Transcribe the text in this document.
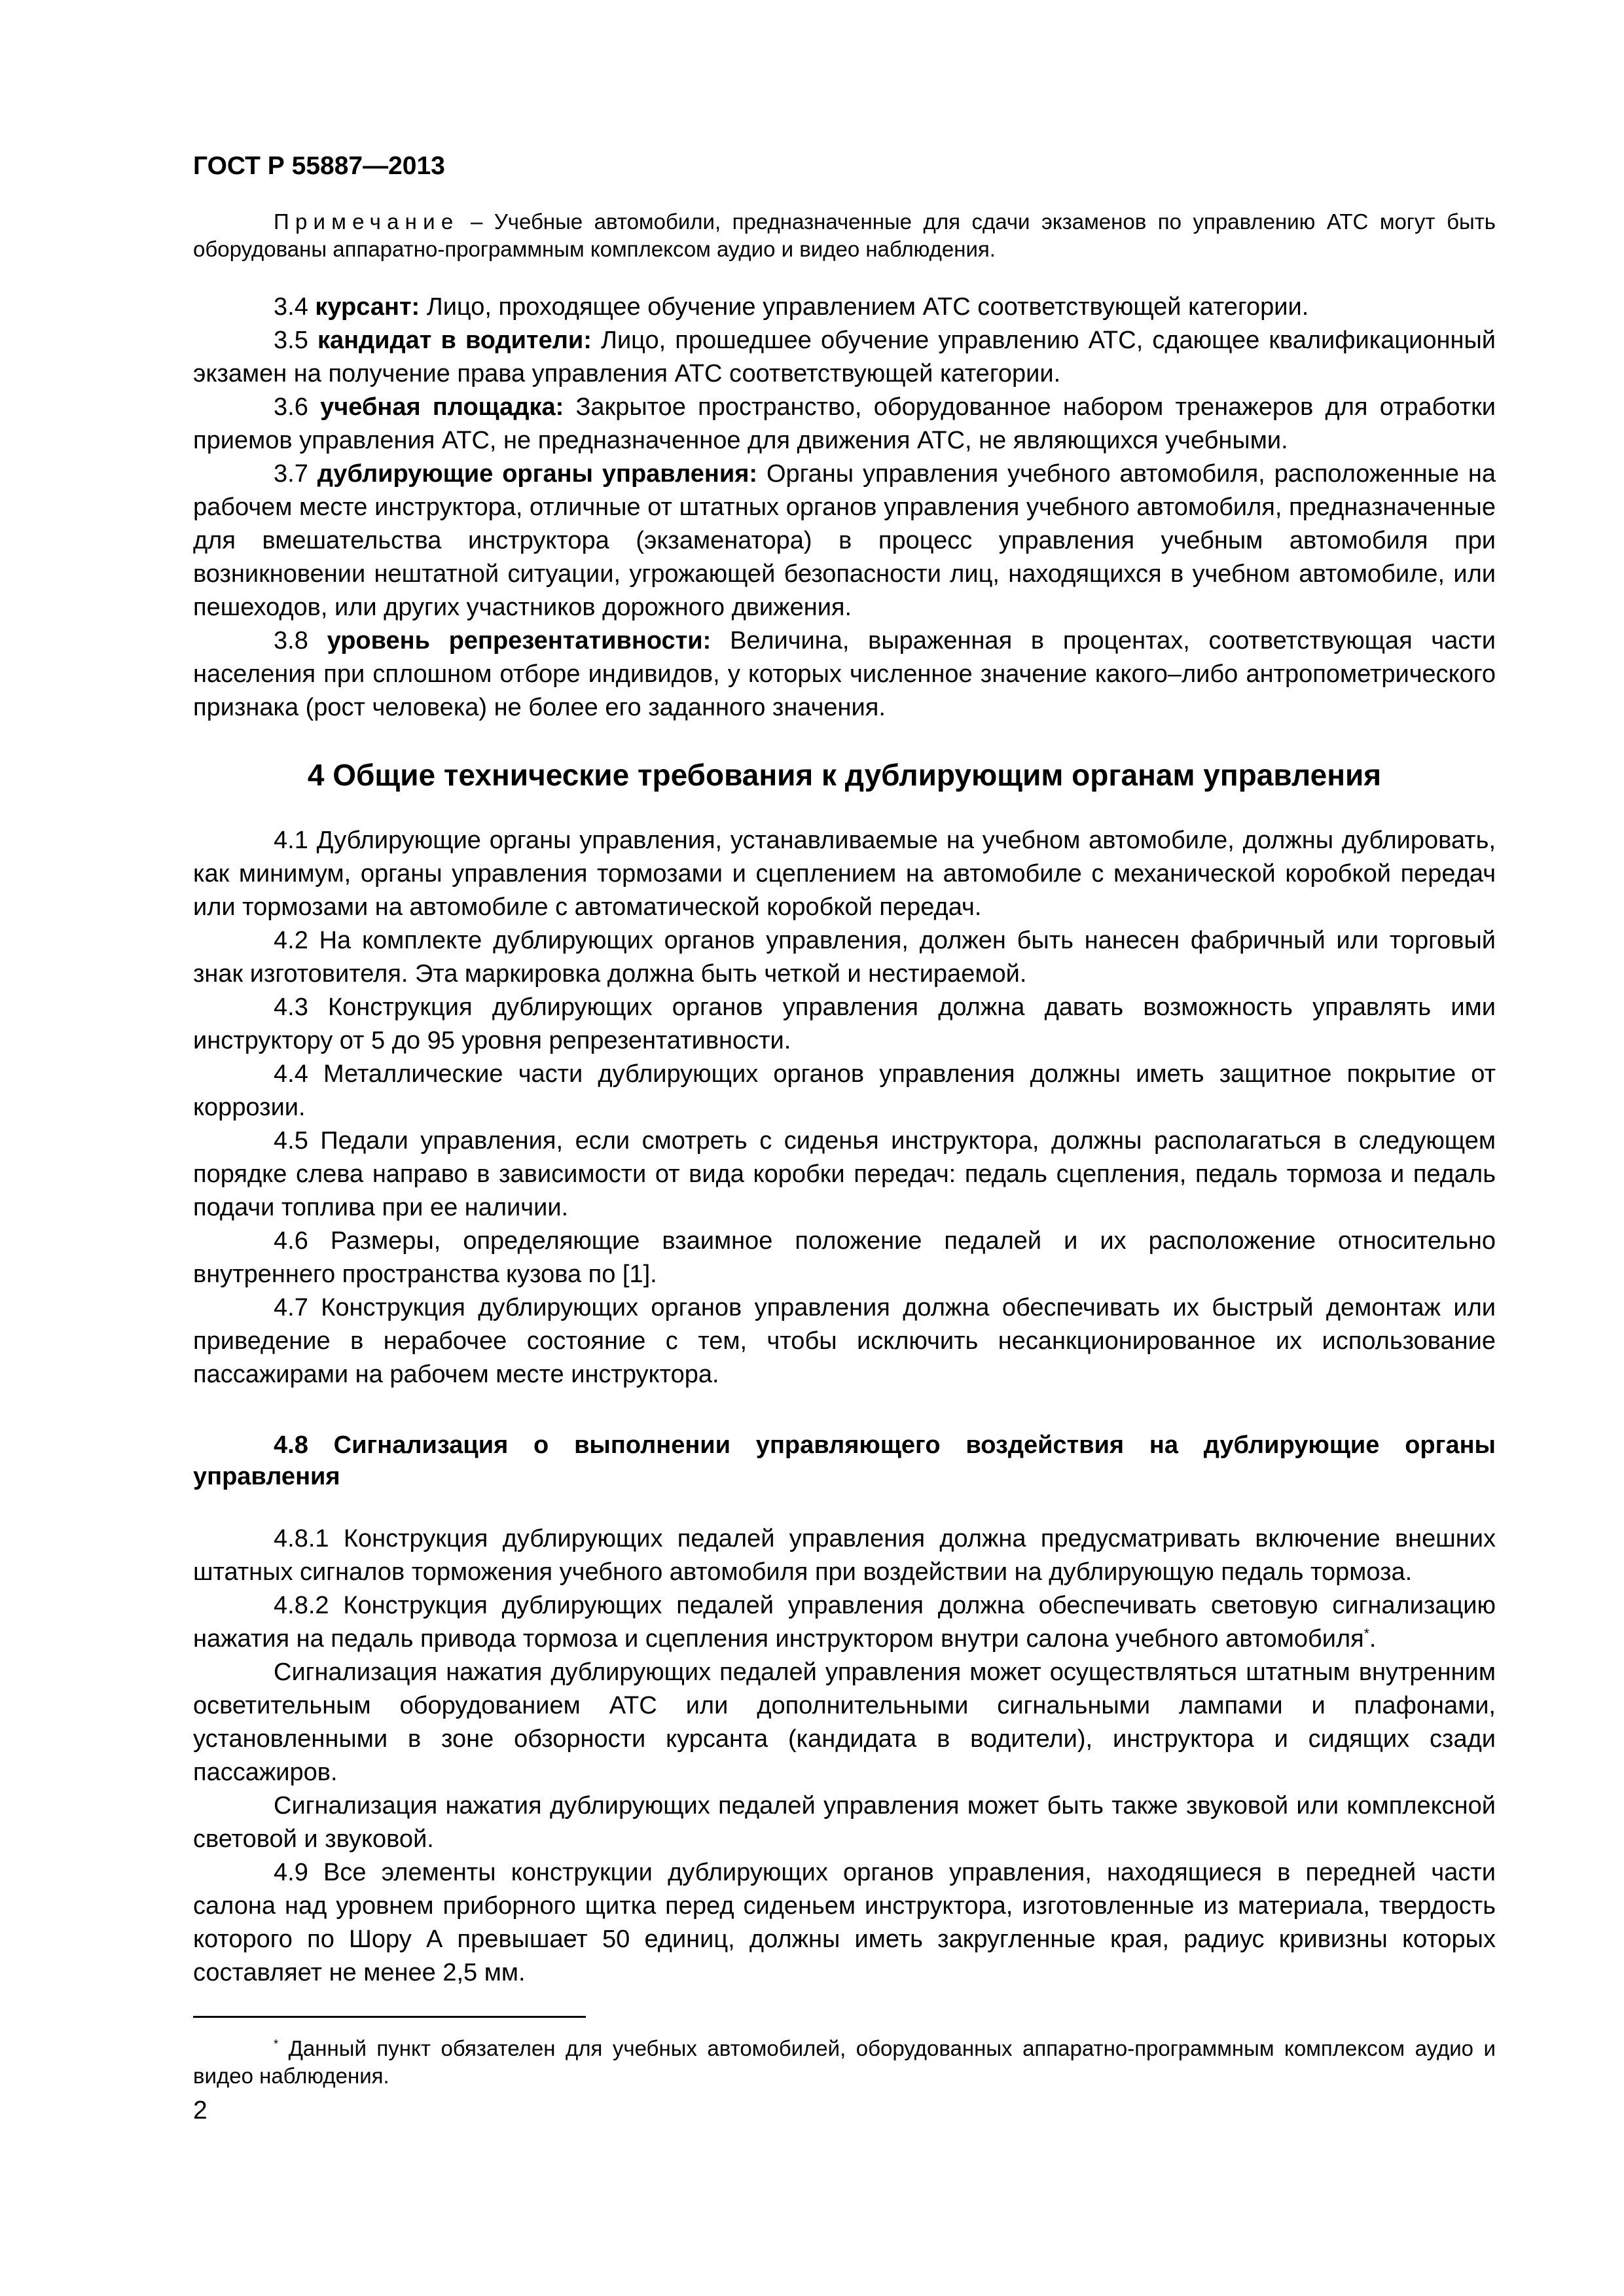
ГОСТ Р 55887—2013

Примечание – Учебные автомобили, предназначенные для сдачи экзаменов по управлению АТС могут быть оборудованы аппаратно-программным комплексом аудио и видео наблюдения.

3.4 курсант: Лицо, проходящее обучение управлением АТС соответствующей категории.

3.5 кандидат в водители: Лицо, прошедшее обучение управлению АТС, сдающее квалификационный экзамен на получение права управления АТС соответствующей категории.

3.6 учебная площадка: Закрытое пространство, оборудованное набором тренажеров для отработки приемов управления АТС, не предназначенное для движения АТС, не являющихся учебными.

3.7 дублирующие органы управления: Органы управления учебного автомобиля, расположенные на рабочем месте инструктора, отличные от штатных органов управления учебного автомобиля, предназначенные для вмешательства инструктора (экзаменатора) в процесс управления учебным автомобиля при возникновении нештатной ситуации, угрожающей безопасности лиц, находящихся в учебном автомобиле, или пешеходов, или других участников дорожного движения.

3.8 уровень репрезентативности: Величина, выраженная в процентах, соответствующая части населения при сплошном отборе индивидов, у которых численное значение какого–либо антропометрического признака (рост человека) не более его заданного значения.

4 Общие технические требования к дублирующим органам управления

4.1 Дублирующие органы управления, устанавливаемые на учебном автомобиле, должны дублировать, как минимум, органы управления тормозами и сцеплением на автомобиле с механической коробкой передач или тормозами на автомобиле с автоматической коробкой передач.

4.2 На комплекте дублирующих органов управления, должен быть нанесен фабричный или торговый знак изготовителя. Эта маркировка должна быть четкой и нестираемой.

4.3 Конструкция дублирующих органов управления должна давать возможность управлять ими инструктору от 5 до 95 уровня репрезентативности.

4.4 Металлические части дублирующих органов управления должны иметь защитное покрытие от коррозии.

4.5 Педали управления, если смотреть с сиденья инструктора, должны располагаться в следующем порядке слева направо в зависимости от вида коробки передач: педаль сцепления, педаль тормоза и педаль подачи топлива при ее наличии.

4.6 Размеры, определяющие взаимное положение педалей и их расположение относительно внутреннего пространства кузова по [1].

4.7 Конструкция дублирующих органов управления должна обеспечивать их быстрый демонтаж или приведение в нерабочее состояние с тем, чтобы исключить несанкционированное их использование пассажирами на рабочем месте инструктора.

4.8 Сигнализация о выполнении управляющего воздействия на дублирующие органы управления

4.8.1 Конструкция дублирующих педалей управления должна предусматривать включение внешних штатных сигналов торможения учебного автомобиля при воздействии на дублирующую педаль тормоза.

4.8.2 Конструкция дублирующих педалей управления должна обеспечивать световую сигнализацию нажатия на педаль привода тормоза и сцепления инструктором внутри салона учебного автомобиля*.

Сигнализация нажатия дублирующих педалей управления может осуществляться штатным внутренним осветительным оборудованием АТС или дополнительными сигнальными лампами и плафонами, установленными в зоне обзорности курсанта (кандидата в водители), инструктора и сидящих сзади пассажиров.

Сигнализация нажатия дублирующих педалей управления может быть также звуковой или комплексной световой и звуковой.

4.9 Все элементы конструкции дублирующих органов управления, находящиеся в передней части салона над уровнем приборного щитка перед сиденьем инструктора, изготовленные из материала, твердость которого по Шору А превышает 50 единиц, должны иметь закругленные края, радиус кривизны которых составляет не менее 2,5 мм.

* Данный пункт обязателен для учебных автомобилей, оборудованных аппаратно-программным комплексом аудио и видео наблюдения.

2
